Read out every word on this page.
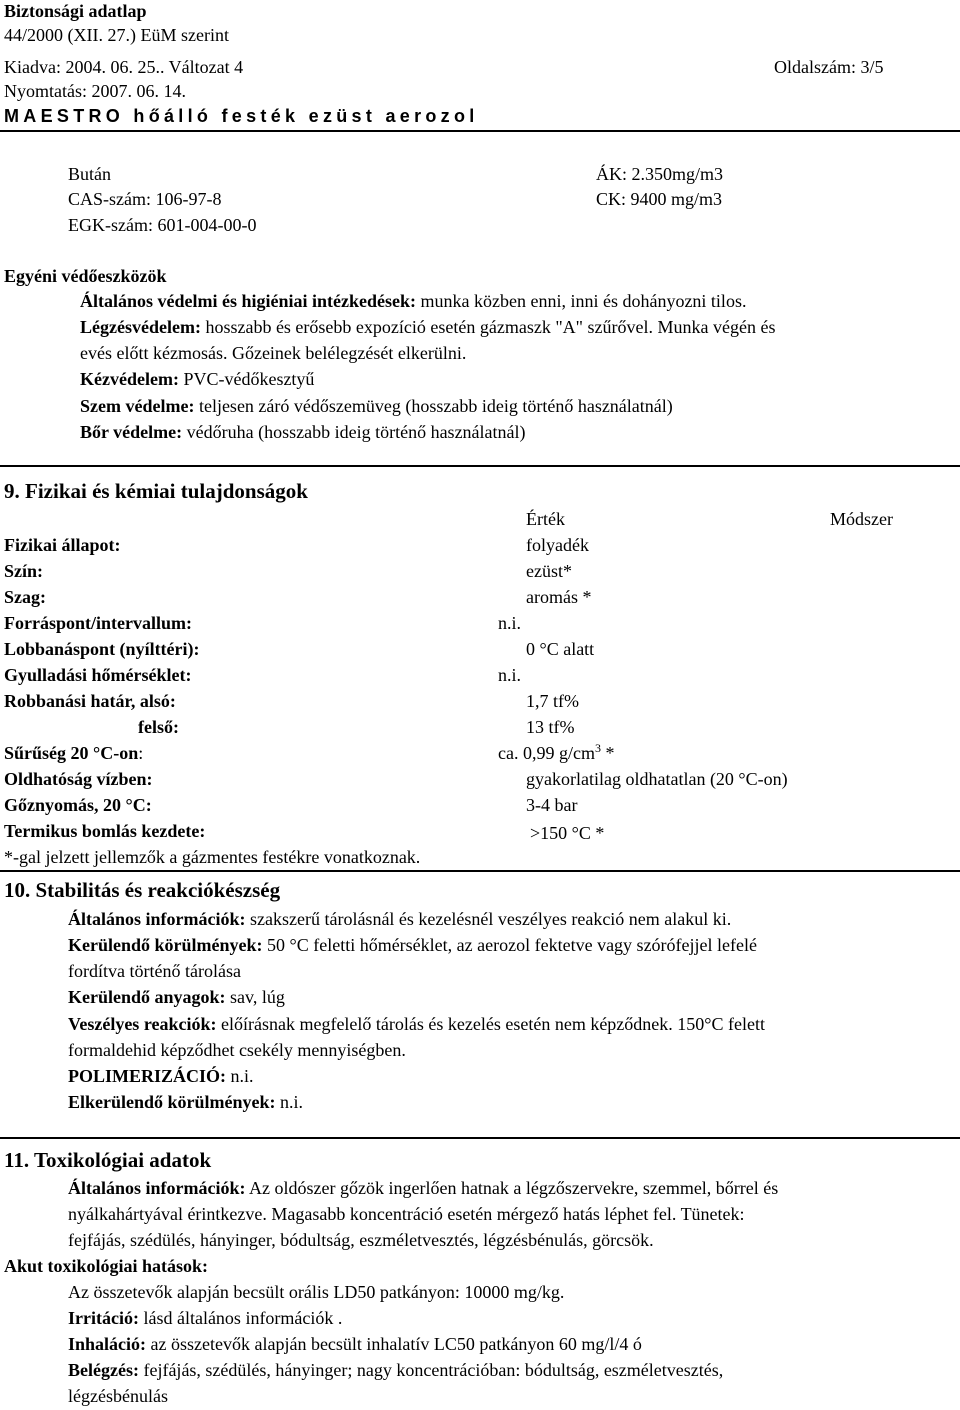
Biztonsági adatlap
44/2000 (XII. 27.) EüM szerint
Kiadva: 2004. 06. 25.. Változat 4	Oldalszám: 3/5
Nyomtatás: 2007. 06. 14.
MAESTRO hőálló festék ezüst aerozol
Bután
CAS-szám: 106-97-8
EGK-szám: 601-004-00-0
ÁK: 2.350mg/m3
CK: 9400 mg/m3
Egyéni védőeszközök
Általános védelmi és higiéniai intézkedések: munka közben enni, inni és dohányozni tilos.
Légzésvédelem: hosszabb és erősebb expozíció esetén gázmaszk "A" szűrővel. Munka végén és
evés előtt kézmosás. Gőzeinek belélegzését elkerülni.
Kézvédelem: PVC-védőkesztyű
Szem védelme: teljesen záró védőszemüveg (hosszabb ideig történő használatnál)
Bőr védelme: védőruha (hosszabb ideig történő használatnál)
9. Fizikai és kémiai tulajdonságok
Érték	Módszer
Fizikai állapot:	folyadék
Szín:	ezüst*
Szag:	aromás *
Forráspont/intervallum:	n.i.
Lobbanáspont (nyílttéri):	0 °C alatt
Gyulladási hőmérséklet:	n.i.
Robbanási határ, alsó:	1,7 tf%
felső:	13 tf%
Sűrűség 20 °C-on:	ca. 0,99 $g/cm^3$ *
Oldhatóság vízben:	gyakorlatilag oldhatatlan (20 °C-on)
Gőznyomás, 20 °C:	3-4 bar
Termikus bomlás kezdete:	>150 °C *
*-gal jelzett jellemzők a gázmentes festékre vonatkoznak.
10. Stabilitás és reakciókészség
Általános információk: szakszerű tárolásnál és kezelésnél veszélyes reakció nem alakul ki.
Kerülendő körülmények: 50 °C feletti hőmérséklet, az aerozol fektetve vagy szórófejjel lefelé
fordítva történő tárolása
Kerülendő anyagok: sav, lúg
Veszélyes reakciók: előírásnak megfelelő tárolás és kezelés esetén nem képződnek. 150°C felett
formaldehid képződhet csekély mennyiségben.
POLIMERIZÁCIÓ: n.i.
Elkerülendő körülmények: n.i.
11. Toxikológiai adatok
Általános információk: Az oldószer gőzök ingerlően hatnak a légzőszervekre, szemmel, bőrrel és
nyálkahártyával érintkezve. Magasabb koncentráció esetén mérgező hatás léphet fel. Tünetek:
fejfájás, szédülés, hányinger, bódultság, eszméletvesztés, légzésbénulás, görcsök.
Akut toxikológiai hatások:
Az összetevők alapján becsült orális LD50 patkányon: 10000 mg/kg.
Irritáció: lásd általános információk .
Inhaláció: az összetevők alapján becsült inhalatív LC50 patkányon 60 mg/l/4 ó
Belégzés: fejfájás, szédülés, hányinger; nagy koncentrációban: bódultság, eszméletvesztés,
légzésbénulás
